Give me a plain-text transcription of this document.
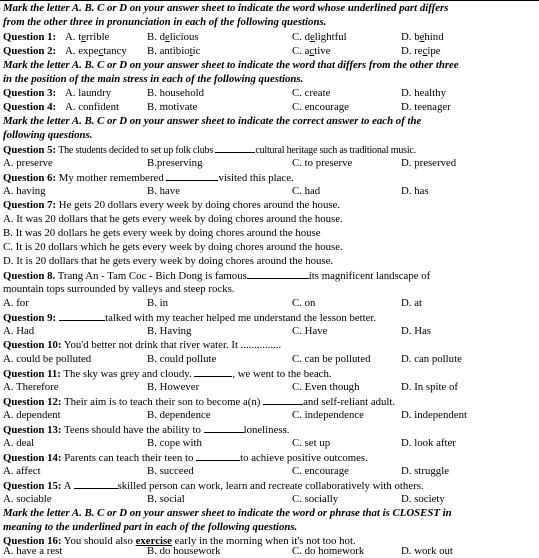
Mark the letter A. B. C or D on your answer sheet to indicate the word whose underlined part differs
from the other three in pronunciation in each of the following questions.
Question 1: A. terrible	B. delicious	C. delightful	D. behind
Question 2: A. expectancy B. antibiotic	C. active	D. recipe
Mark the letter A. B. C or D on your answer sheet to indicate the word that differs from the other three
in the position of the main stress in each of the following questions.
Question 3: A. laundry	B. household	C. create	D. healthy
Question 4: A. confident	B. motivate	C. encourage	D. teenager
Mark the letter A. B. C or D on your answer sheet to indicate the correct answer to each of the
following questions.
Question 5: The students decided to set up folk clubs	cultural heritage such as traditional music.
A. preserve	B.preserving	C. to preserve	D. preserved
Question 6: My mother remembered	visited this place.
A. having	B. have	C. had	D. has
Question 7: He gets 20 dollars every week by doing chores around the house.
A. It was 20 dollars that he gets every week by doing chores around the house.
B. It was 20 dollars he gets every week by doing chores around the house
C. It is 20 dollars which he gets every week by doing chores around the house.
D. It is 20 dollars that he gets every week by doing chores around the house.
Question 8. Trang An - Tam Coc - Bich Dong is famous	its magnificent landscape of
mountain tops surrounded by valleys and steep rocks.
A. for	B. in	C. on	D. at
Question 9:	talked with my teacher helped me understand the lesson better.
A. Had	B. Having	C. Have	D. Has
Question 10: You'd better not drink that river water. It ...............
A. could be polluted	B. could pollute	C. can be polluted	D. can pollute
Question 11: The sky was grey and cloudy.	, we went to the beach.
A. Therefore	B. However	C. Even though	D. In spite of
Question 12: Their aim is to teach their son to become a(n)	and self-reliant adult.
A. dependent	B. dependence	C. independence	D. independent
Question 13: Teens should have the ability to	loneliness.
A. deal	B. cope with	C. set up	D. look after
Question 14: Parents can teach their teen to	to achieve positive outcomes.
A. affect	B. succeed	C. encourage	D. struggle
Question 15: A	skilled person can work, learn and recreate collaboratively with others.
A. sociable	B. social	C. socially	D. society
Mark the letter A. B. C or D on your answer sheet to indicate the word or phrase that is CLOSEST in
meaning to the underlined part in each of the following questions.
Question 16: You should also exercise early in the morning when it's not too hot.
A. have a rest	B. do housework	C. do homework	D. work out
